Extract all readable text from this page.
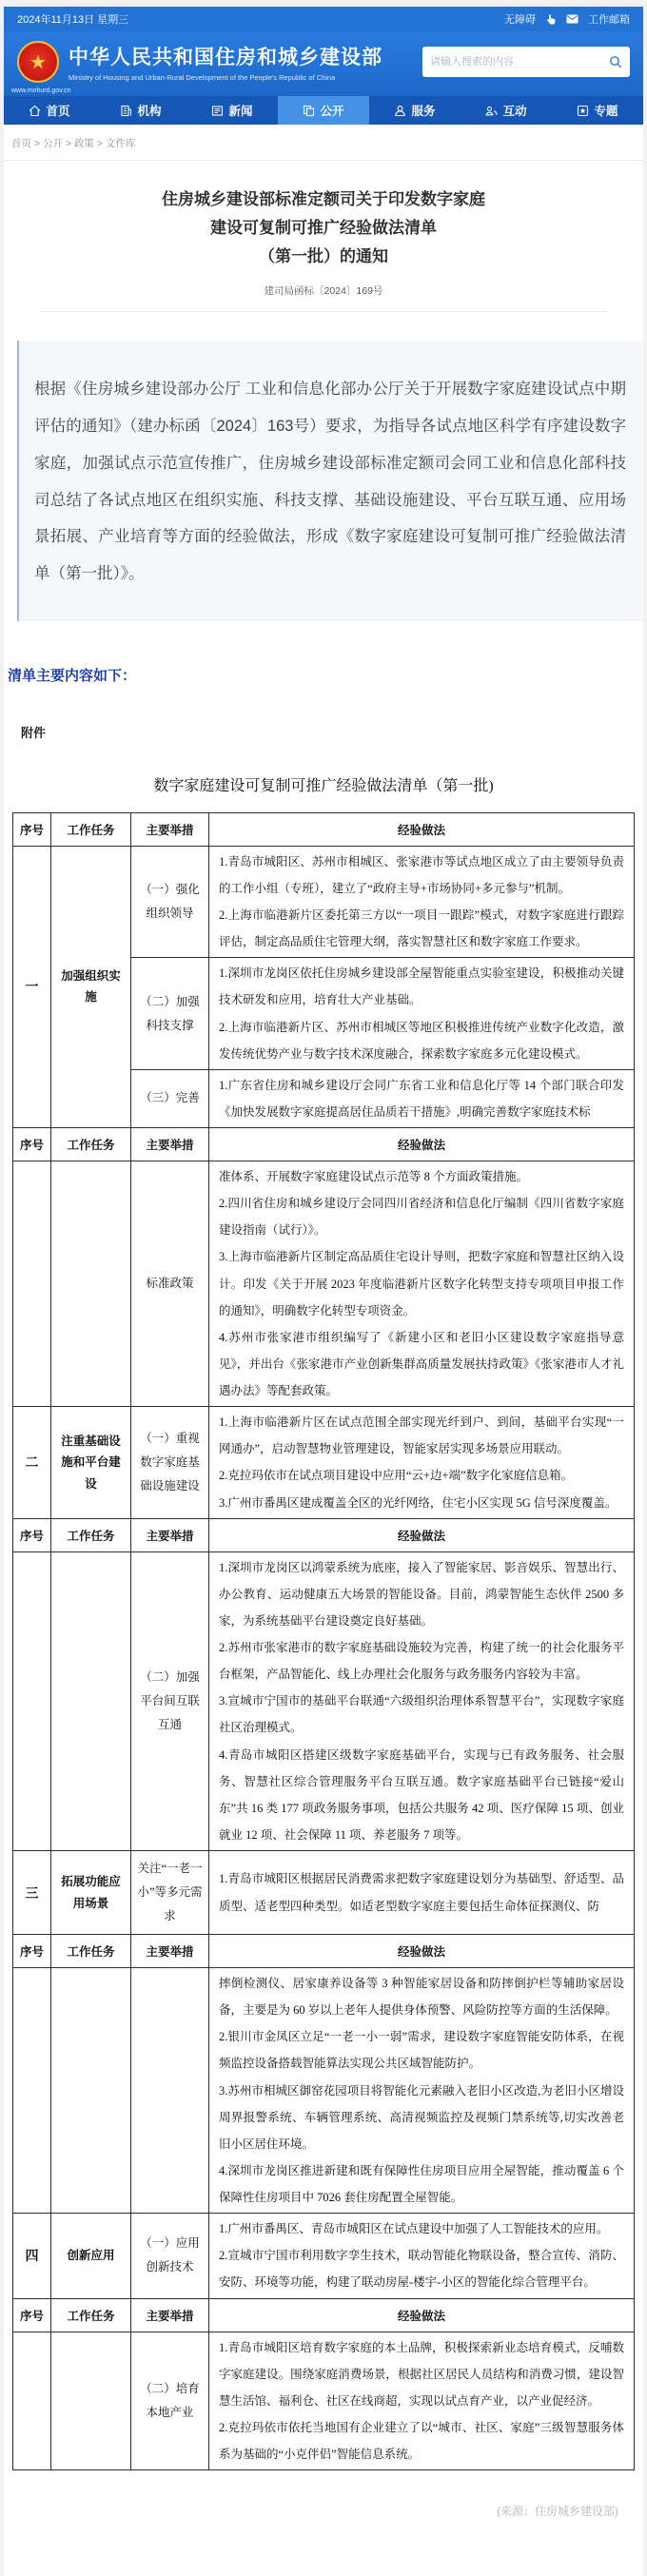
2024年11月13日 星期三	无障碍	工作邮箱
★	中华人民共和国住房和城乡建设部
Ministry of Housing and Urban-Rural Development of the People's Republic of China
www.mohurd.gov.cn
请输入搜索的内容
首页	机构	新闻	公开	服务	互动	专题
首页 > 公开 > 政策 > 文件库
住房城乡建设部标准定额司关于印发数字家庭
建设可复制可推广经验做法清单
（第一批）的通知
建司局函标〔2024〕169号

根据《住房城乡建设部办公厅 工业和信息化部办公厅关于开展数字家庭建设试点中期评估的通知》（建办标函〔2024〕163号）要求，为指导各试点地区科学有序建设数字家庭，加强试点示范宣传推广，住房城乡建设部标准定额司会同工业和信息化部科技司总结了各试点地区在组织实施、科技支撑、基础设施建设、平台互联互通、应用场景拓展、产业培育等方面的经验做法，形成《数字家庭建设可复制可推广经验做法清单（第一批）》。

清单主要内容如下：
附件
数字家庭建设可复制可推广经验做法清单（第一批)
序号	工作任务	主要举措	经验做法
一	加强组织实施	（一）强化组织领导	1.青岛市城阳区、苏州市相城区、张家港市等试点地区成立了由主要领导负责的工作小组（专班），建立了“政府主导+市场协同+多元参与”机制。

2.上海市临港新片区委托第三方以“一项目一跟踪”模式，对数字家庭进行跟踪评估，制定高品质住宅管理大纲，落实智慧社区和数字家庭工作要求。

		（二）加强科技支撑	1.深圳市龙岗区依托住房城乡建设部全屋智能重点实验室建设，积极推动关键技术研发和应用，培育壮大产业基础。

2.上海市临港新片区、苏州市相城区等地区积极推进传统产业数字化改造，激发传统优势产业与数字技术深度融合，探索数字家庭多元化建设模式。

		（三）完善	1.广东省住房和城乡建设厅会同广东省工业和信息化厅等 14 个部门联合印发《加快发展数字家庭提高居住品质若干措施》,明确完善数字家庭技术标

序号	工作任务	主要举措	经验做法
		标准政策	准体系、开展数字家庭建设试点示范等 8 个方面政策措施。

2.四川省住房和城乡建设厅会同四川省经济和信息化厅编制《四川省数字家庭建设指南（试行）》。

3.上海市临港新片区制定高品质住宅设计导则，把数字家庭和智慧社区纳入设计。印发《关于开展 2023 年度临港新片区数字化转型支持专项项目申报工作的通知》，明确数字化转型专项资金。

4.苏州市张家港市组织编写了《新建小区和老旧小区建设数字家庭指导意见》，并出台《张家港市产业创新集群高质量发展扶持政策》《张家港市人才礼遇办法》等配套政策。

二	注重基础设施和平台建设	（一）重视数字家庭基础设施建设	1.上海市临港新片区在试点范围全部实现光纤到户、到间，基础平台实现“一网通办”，启动智慧物业管理建设，智能家居实现多场景应用联动。

2.克拉玛依市在试点项目建设中应用“云+边+端”数字化家庭信息箱。

3.广州市番禺区建成覆盖全区的光纤网络，住宅小区实现 5G 信号深度覆盖。

序号	工作任务	主要举措	经验做法
		（二）加强平台间互联互通	1.深圳市龙岗区以鸿蒙系统为底座，接入了智能家居、影音娱乐、智慧出行、办公教育、运动健康五大场景的智能设备。目前，鸿蒙智能生态伙伴 2500 多家，为系统基础平台建设奠定良好基础。

2.苏州市张家港市的数字家庭基础设施较为完善，构建了统一的社会化服务平台框架，产品智能化、线上办理社会化服务与政务服务内容较为丰富。

3.宣城市宁国市的基础平台联通“六级组织治理体系智慧平台”，实现数字家庭社区治理模式。

4.青岛市城阳区搭建区级数字家庭基础平台，实现与已有政务服务、社会服务、智慧社区综合管理服务平台互联互通。数字家庭基础平台已链接“爱山东”共 16 类 177 项政务服务事项，包括公共服务 42 项、医疗保障 15 项、创业就业 12 项、社会保障 11 项、养老服务 7 项等。

三	拓展功能应用场景	关注“一老一小”等多元需求	1.青岛市城阳区根据居民消费需求把数字家庭建设划分为基础型、舒适型、品质型、适老型四种类型。如适老型数字家庭主要包括生命体征探测仪、防

序号	工作任务	主要举措	经验做法

			摔倒检测仪、居家康养设备等 3 种智能家居设备和防摔倒护栏等辅助家居设备，主要是为 60 岁以上老年人提供身体预警、风险防控等方面的生活保障。

2.银川市金凤区立足“一老一小一弱”需求，建设数字家庭智能安防体系，在视频监控设备搭载智能算法实现公共区域智能防护。

3.苏州市相城区御窑花园项目将智能化元素融入老旧小区改造,为老旧小区增设周界报警系统、车辆管理系统、高清视频监控及视频门禁系统等,切实改善老旧小区居住环境。

4.深圳市龙岗区推进新建和既有保障性住房项目应用全屋智能，推动覆盖 6 个保障性住房项目中 7026 套住房配置全屋智能。

四	创新应用	（一）应用创新技术	1.广州市番禺区、青岛市城阳区在试点建设中加强了人工智能技术的应用。

2.宣城市宁国市利用数字孪生技术，联动智能化物联设备，整合宣传、消防、安防、环境等功能，构建了联动房屋-楼宇-小区的智能化综合管理平台。

序号	工作任务	主要举措	经验做法
		（二）培育本地产业	1.青岛市城阳区培育数字家庭的本土品牌，积极探索新业态培育模式，反哺数字家庭建设。围绕家庭消费场景，根据社区居民人员结构和消费习惯，建设智慧生活馆、福利仓、社区在线商超，实现以试点育产业，以产业促经济。

2.克拉玛依市依托当地国有企业建立了以“城市、社区、家庭”三级智慧服务体系为基础的“小克伴侣”智能信息系统。

(来源：住房城乡建设部)
